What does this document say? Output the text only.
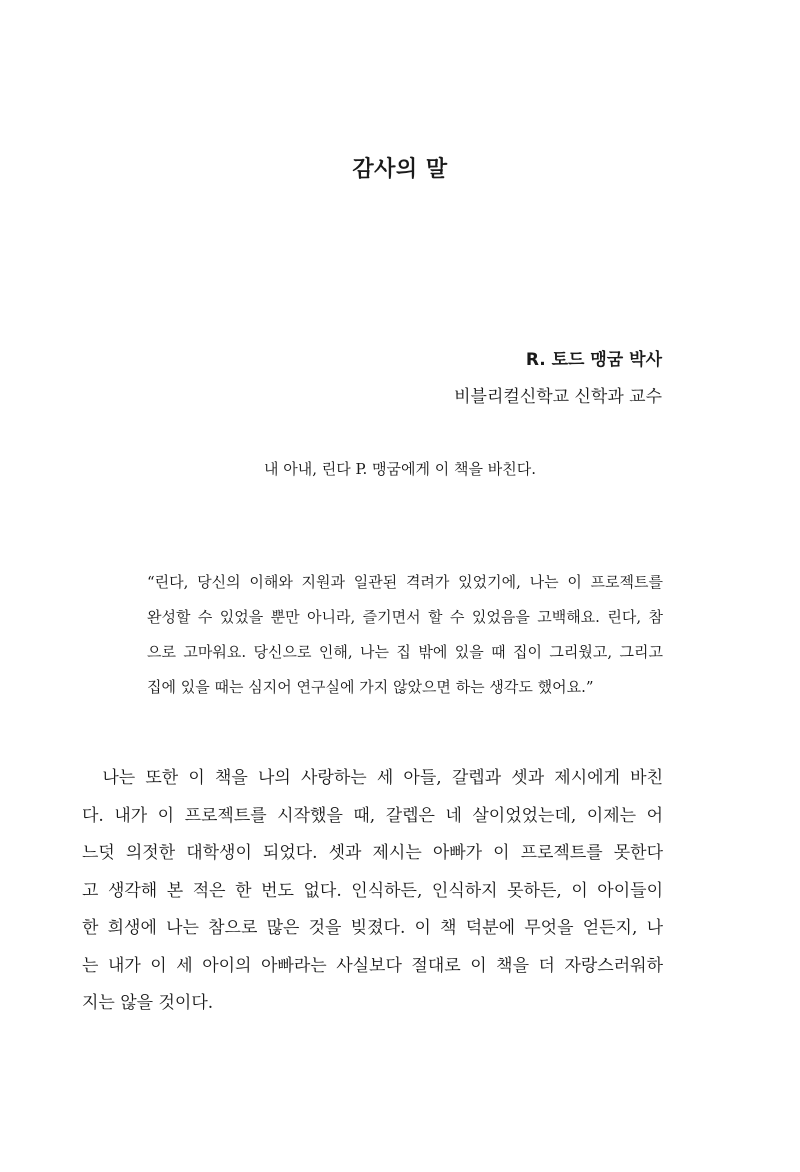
감사의 말

R. 토드 맹굼 박사

비블리컬신학교 신학과 교수

내 아내, 린다 P. 맹굼에게 이 책을 바친다.

“린다, 당신의 이해와 지원과 일관된 격려가 있었기에, 나는 이 프로젝트를
완성할 수 있었을 뿐만 아니라, 즐기면서 할 수 있었음을 고백해요. 린다, 참
으로 고마워요. 당신으로 인해, 나는 집 밖에 있을 때 집이 그리웠고, 그리고
집에 있을 때는 심지어 연구실에 가지 않았으면 하는 생각도 했어요.”
나는 또한 이 책을 나의 사랑하는 세 아들, 갈렙과 셋과 제시에게 바친
다. 내가 이 프로젝트를 시작했을 때, 갈렙은 네 살이었었는데, 이제는 어
느덧 의젓한 대학생이 되었다. 셋과 제시는 아빠가 이 프로젝트를 못한다
고 생각해 본 적은 한 번도 없다. 인식하든, 인식하지 못하든, 이 아이들이
한 희생에 나는 참으로 많은 것을 빚졌다. 이 책 덕분에 무엇을 얻든지, 나
는 내가 이 세 아이의 아빠라는 사실보다 절대로 이 책을 더 자랑스러워하
지는 않을 것이다.
